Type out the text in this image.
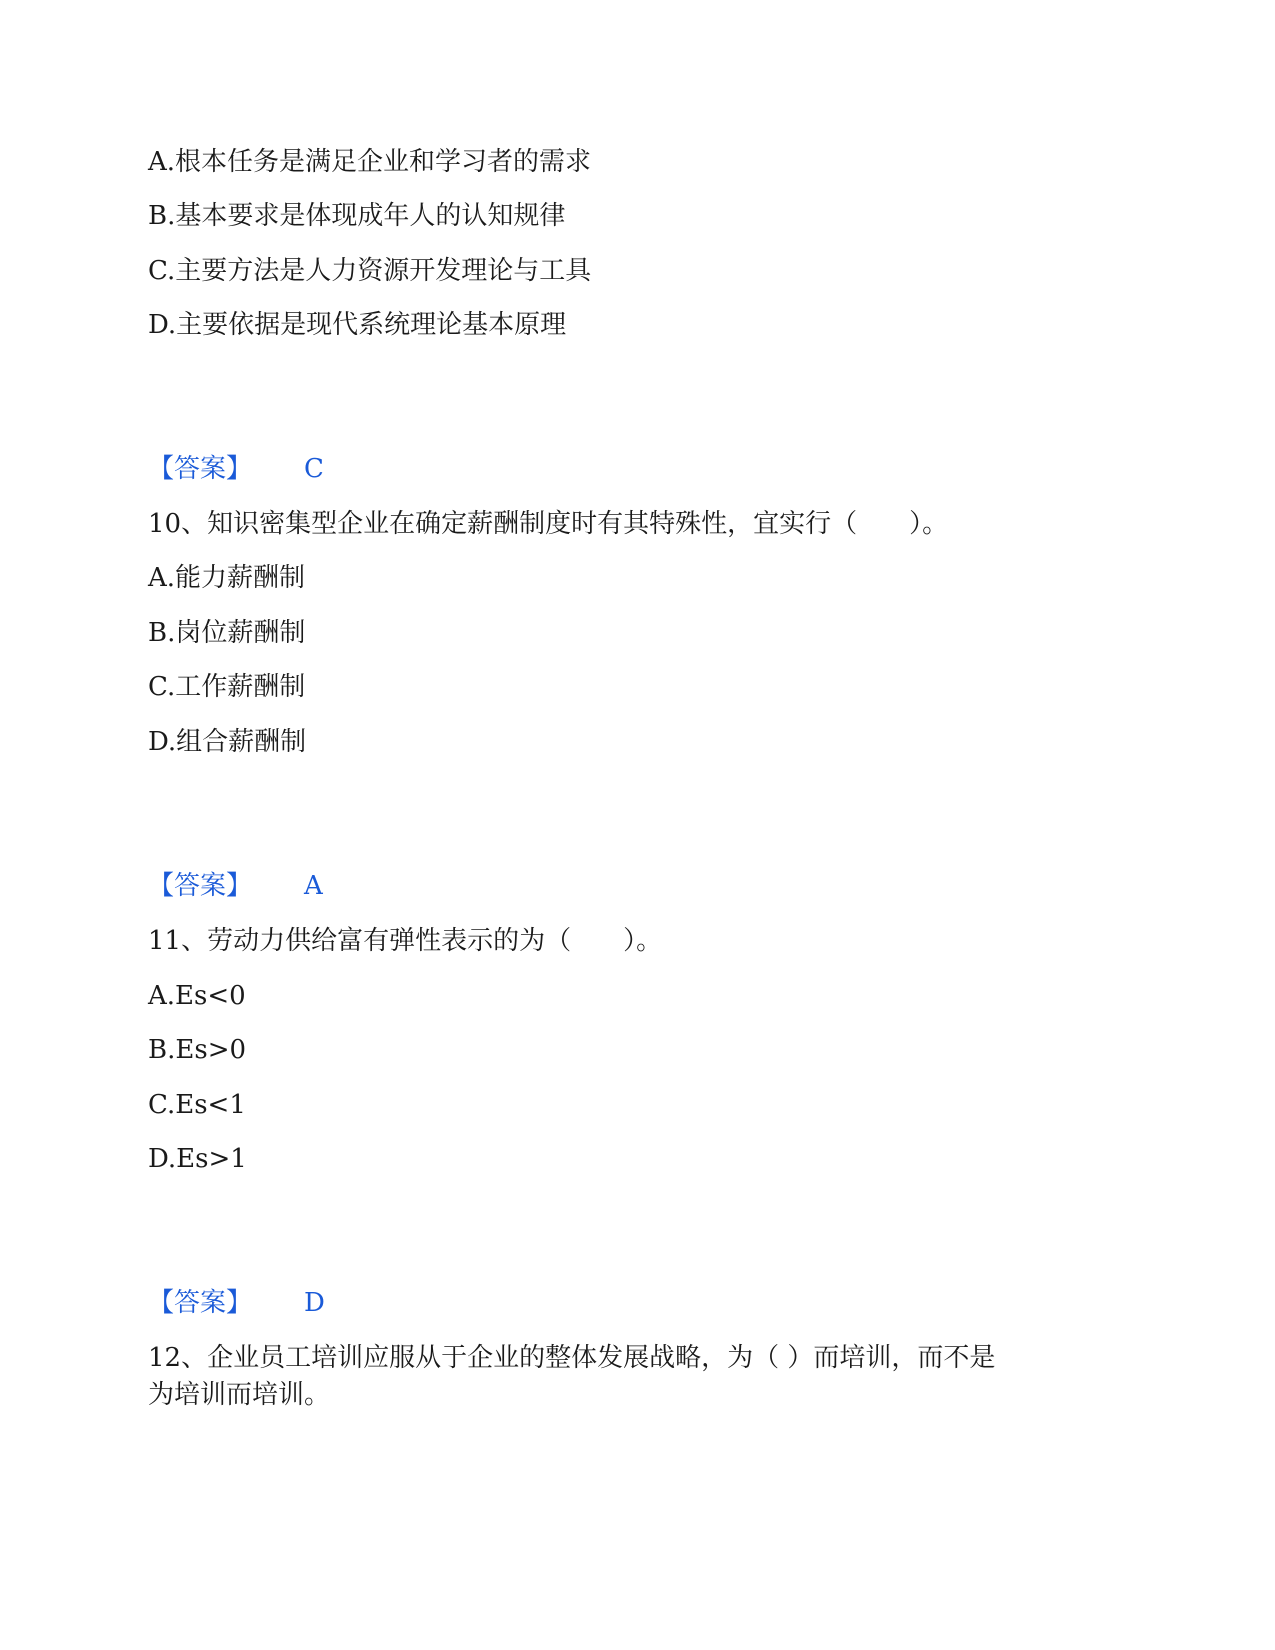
A.根本任务是满足企业和学习者的需求
B.基本要求是体现成年人的认知规律
C.主要方法是人力资源开发理论与工具
D.主要依据是现代系统理论基本原理
【答案】 C
10、知识密集型企业在确定薪酬制度时有其特殊性，宜实行（　　）。
A.能力薪酬制
B.岗位薪酬制
C.工作薪酬制
D.组合薪酬制
【答案】 A
11、劳动力供给富有弹性表示的为（　　）。
A.Es<0
B.Es>0
C.Es<1
D.Es>1
【答案】 D
12、企业员工培训应服从于企业的整体发展战略，为（ ）而培训，而不是
为培训而培训。
